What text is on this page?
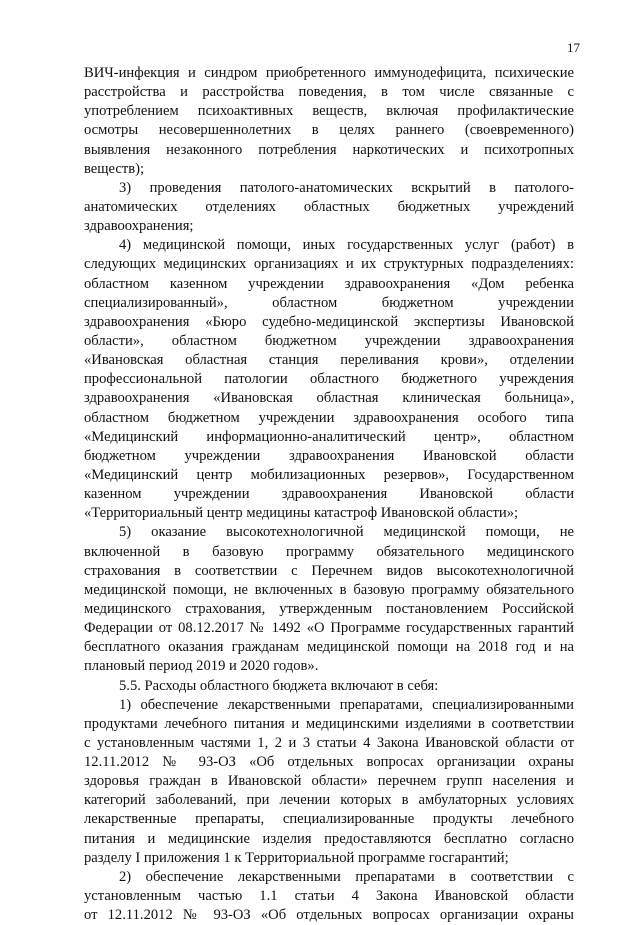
17
ВИЧ-инфекция и синдром приобретенного иммунодефицита, психические
расстройства и расстройства поведения, в том числе связанные с
употреблением психоактивных веществ, включая профилактические
осмотры несовершеннолетних в целях раннего (своевременного)
выявления незаконного потребления наркотических и психотропных
веществ);
3) проведения патолого-анатомических вскрытий в патолого-
анатомических отделениях областных бюджетных учреждений
здравоохранения;
4) медицинской помощи, иных государственных услуг (работ) в
следующих медицинских организациях и их структурных подразделениях:
областном казенном учреждении здравоохранения «Дом ребенка
специализированный», областном бюджетном учреждении
здравоохранения «Бюро судебно-медицинской экспертизы Ивановской
области», областном бюджетном учреждении здравоохранения
«Ивановская областная станция переливания крови», отделении
профессиональной патологии областного бюджетного учреждения
здравоохранения «Ивановская областная клиническая больница»,
областном бюджетном учреждении здравоохранения особого типа
«Медицинский информационно-аналитический центр», областном
бюджетном учреждении здравоохранения Ивановской области
«Медицинский центр мобилизационных резервов», Государственном
казенном учреждении здравоохранения Ивановской области
«Территориальный центр медицины катастроф Ивановской области»;
5) оказание высокотехнологичной медицинской помощи, не
включенной в базовую программу обязательного медицинского
страхования в соответствии с Перечнем видов высокотехнологичной
медицинской помощи, не включенных в базовую программу обязательного
медицинского страхования, утвержденным постановлением Российской
Федерации от 08.12.2017 № 1492 «О Программе государственных гарантий
бесплатного оказания гражданам медицинской помощи на 2018 год и на
плановый период 2019 и 2020 годов».
5.5. Расходы областного бюджета включают в себя:
1) обеспечение лекарственными препаратами, специализированными
продуктами лечебного питания и медицинскими изделиями в соответствии
с установленным частями 1, 2 и 3 статьи 4 Закона Ивановской области от
12.11.2012 № 93-ОЗ «Об отдельных вопросах организации охраны
здоровья граждан в Ивановской области» перечнем групп населения и
категорий заболеваний, при лечении которых в амбулаторных условиях
лекарственные препараты, специализированные продукты лечебного
питания и медицинские изделия предоставляются бесплатно согласно
разделу I приложения 1 к Территориальной программе госгарантий;
2) обеспечение лекарственными препаратами в соответствии с
установленным частью 1.1 статьи 4 Закона Ивановской области
от 12.11.2012 № 93-ОЗ «Об отдельных вопросах организации охраны
